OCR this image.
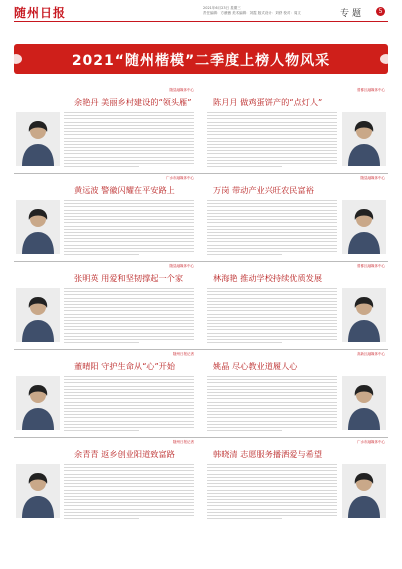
随州日报	2021年6月23日 星期三
责任编辑：方薇薇 美术编辑：刘霞 版式设计：刘舒 校对：周文	专题	5
2021“随州楷模”二季度上榜人物风采
随县融媒体中心
余艳丹 美丽乡村建设的“领头雁”
曾都区融媒体中心
陈月月 做鸡蛋饼产的“点灯人”
广水市融媒体中心
黄远波 警徽闪耀在平安路上
随县融媒体中心
万岗 带动产业兴旺农民富裕
随县融媒体中心
张明英 用爱和坚韧撑起一个家
曾都区融媒体中心
林海艳 推动学校持续优质发展
随州日报记者
董晴阳 守护生命从“心”开始
高新区融媒体中心
姚晶 尽心教业道履人心
随州日报记者
余青青 返乡创业阳道致富路
广水市融媒体中心
韩晓清 志愿服务播洒爱与希望
